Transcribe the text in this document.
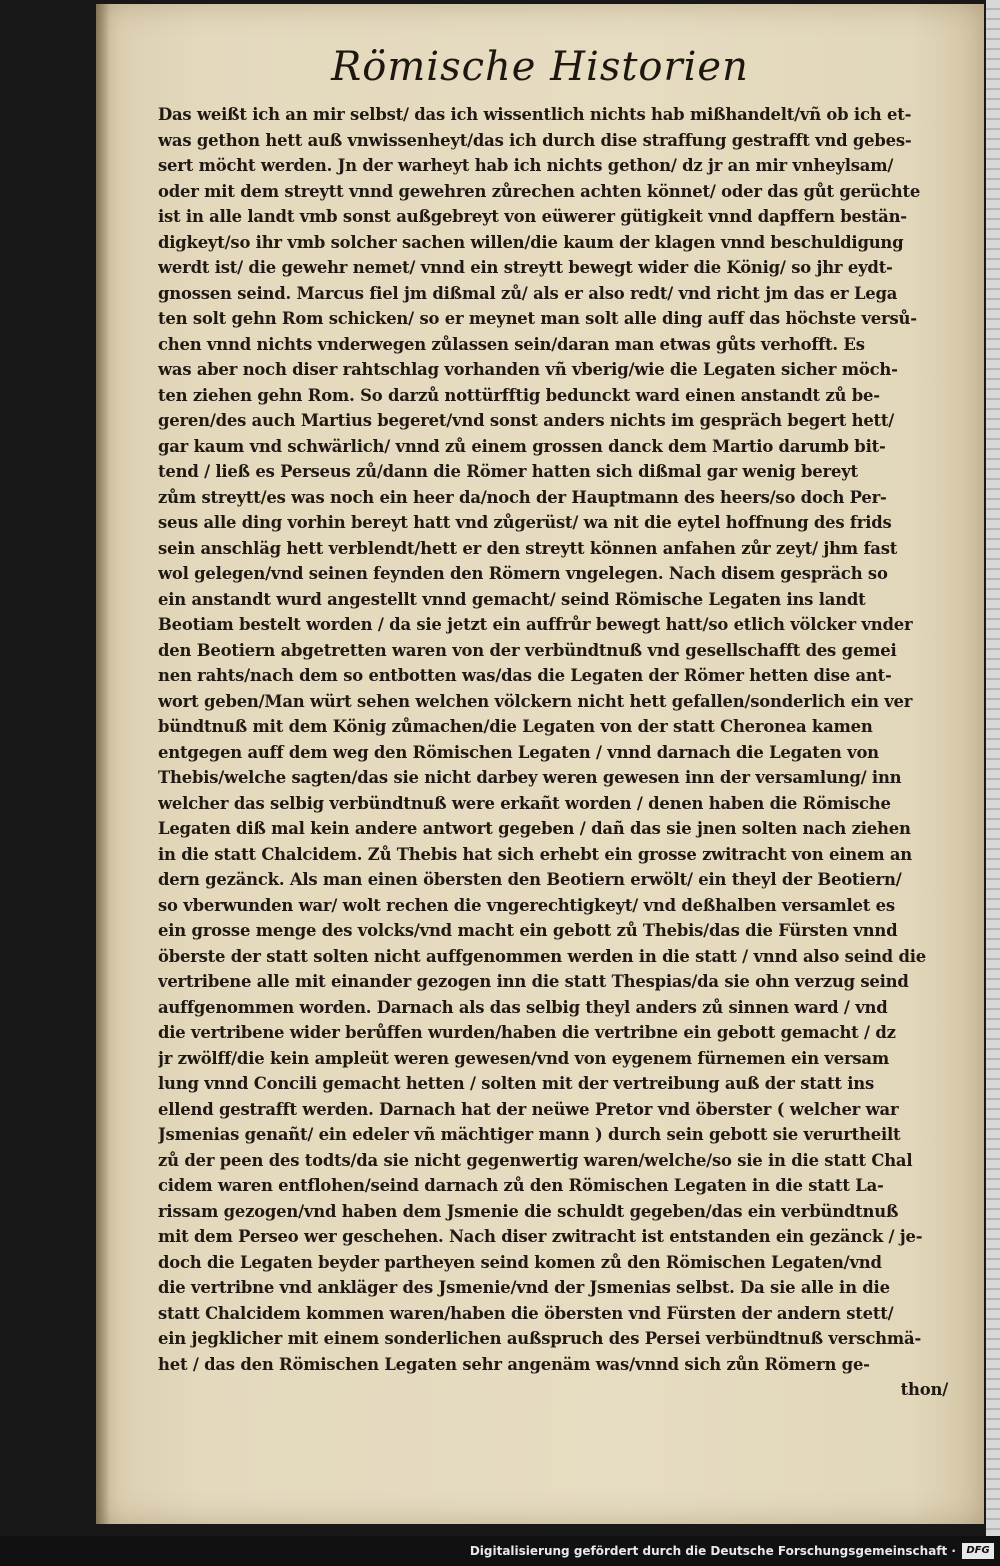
Römische Historien
Das weißt ich an mir selbst/ das ich wissentlich nichts hab mißhandelt/vñ ob ich et-
was gethon hett auß vnwissenheyt/das ich durch dise straffung gestrafft vnd gebes-
sert möcht werden. Jn der warheyt hab ich nichts gethon/ dz jr an mir vnheylsam/
oder mit dem streytt vnnd gewehren zůrechen achten könnet/ oder das gůt gerüchte
ist in alle landt vmb sonst außgebreyt von eüwerer gütigkeit vnnd dapffern bestän-
digkeyt/so ihr vmb solcher sachen willen/die kaum der klagen vnnd beschuldigung
werdt ist/ die gewehr nemet/ vnnd ein streytt bewegt wider die König/ so jhr eydt-
gnossen seind. Marcus fiel jm dißmal zů/ als er also redt/ vnd richt jm das er Lega
ten solt gehn Rom schicken/ so er meynet man solt alle ding auff das höchste versů-
chen vnnd nichts vnderwegen zůlassen sein/daran man etwas gůts verhofft. Es
was aber noch diser rahtschlag vorhanden vñ vberig/wie die Legaten sicher möch-
ten ziehen gehn Rom. So darzů nottürfftig bedunckt ward einen anstandt zů be-
geren/des auch Martius begeret/vnd sonst anders nichts im gespräch begert hett/
gar kaum vnd schwärlich/ vnnd zů einem grossen danck dem Martio darumb bit-
tend / ließ es Perseus zů/dann die Römer hatten sich dißmal gar wenig bereyt
zům streytt/es was noch ein heer da/noch der Hauptmann des heers/so doch Per-
seus alle ding vorhin bereyt hatt vnd zůgerüst/ wa nit die eytel hoffnung des frids
sein anschläg hett verblendt/hett er den streytt können anfahen zůr zeyt/ jhm fast
wol gelegen/vnd seinen feynden den Römern vngelegen. Nach disem gespräch so
ein anstandt wurd angestellt vnnd gemacht/ seind Römische Legaten ins landt
Beotiam bestelt worden / da sie jetzt ein auffrůr bewegt hatt/so etlich völcker vnder
den Beotiern abgetretten waren von der verbündtnuß vnd gesellschafft des gemei
nen rahts/nach dem so entbotten was/das die Legaten der Römer hetten dise ant-
wort geben/Man würt sehen welchen völckern nicht hett gefallen/sonderlich ein ver
bündtnuß mit dem König zůmachen/die Legaten von der statt Cheronea kamen
entgegen auff dem weg den Römischen Legaten / vnnd darnach die Legaten von
Thebis/welche sagten/das sie nicht darbey weren gewesen inn der versamlung/ inn
welcher das selbig verbündtnuß were erkañt worden / denen haben die Römische
Legaten diß mal kein andere antwort gegeben / dañ das sie jnen solten nach ziehen
in die statt Chalcidem. Zů Thebis hat sich erhebt ein grosse zwitracht von einem an
dern gezänck. Als man einen öbersten den Beotiern erwölt/ ein theyl der Beotiern/
so vberwunden war/ wolt rechen die vngerechtigkeyt/ vnd deßhalben versamlet es
ein grosse menge des volcks/vnd macht ein gebott zů Thebis/das die Fürsten vnnd
öberste der statt solten nicht auffgenommen werden in die statt / vnnd also seind die
vertribene alle mit einander gezogen inn die statt Thespias/da sie ohn verzug seind
auffgenommen worden. Darnach als das selbig theyl anders zů sinnen ward / vnd
die vertribene wider berůffen wurden/haben die vertribne ein gebott gemacht / dz
jr zwölff/die kein ampleüt weren gewesen/vnd von eygenem fürnemen ein versam
lung vnnd Concili gemacht hetten / solten mit der vertreibung auß der statt ins
ellend gestrafft werden. Darnach hat der neüwe Pretor vnd öberster ( welcher war
Jsmenias genañt/ ein edeler vñ mächtiger mann ) durch sein gebott sie verurtheilt
zů der peen des todts/da sie nicht gegenwertig waren/welche/so sie in die statt Chal
cidem waren entflohen/seind darnach zů den Römischen Legaten in die statt La-
rissam gezogen/vnd haben dem Jsmenie die schuldt gegeben/das ein verbündtnuß
mit dem Perseo wer geschehen. Nach diser zwitracht ist entstanden ein gezänck / je-
doch die Legaten beyder partheyen seind komen zů den Römischen Legaten/vnd
die vertribne vnd ankläger des Jsmenie/vnd der Jsmenias selbst. Da sie alle in die
statt Chalcidem kommen waren/haben die öbersten vnd Fürsten der andern stett/
ein jegklicher mit einem sonderlichen außspruch des Persei verbündtnuß verschmä-
het / das den Römischen Legaten sehr angenäm was/vnnd sich zůn Römern ge-
thon/
Digitalisierung gefördert durch die Deutsche Forschungsgemeinschaft ·	DFG
